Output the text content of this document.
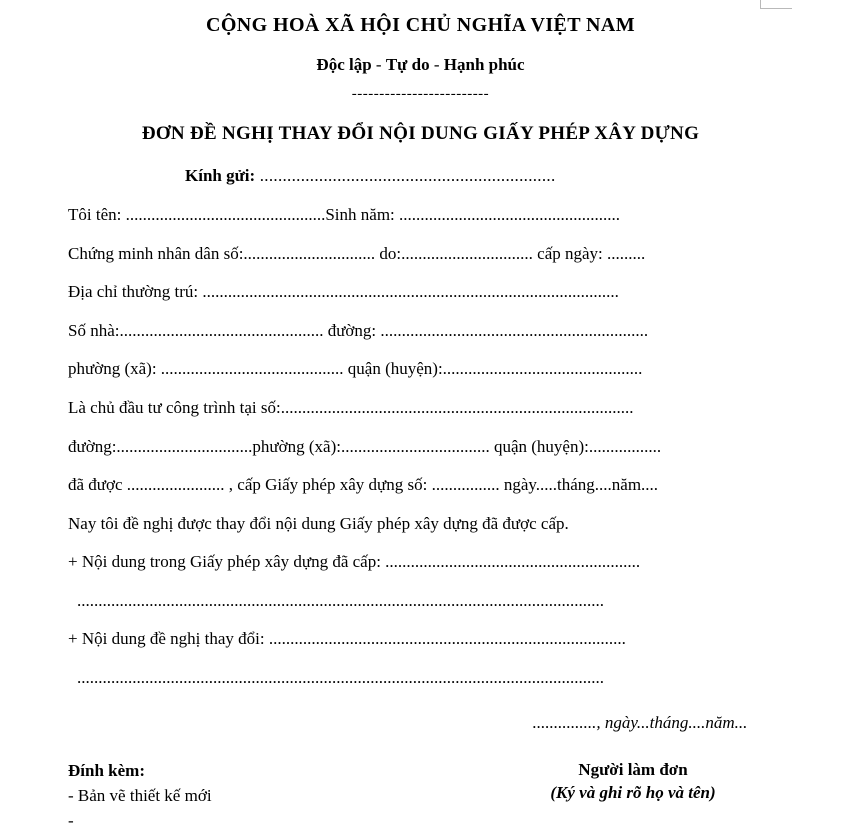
CỘNG HOÀ XÃ HỘI CHỦ NGHĨA VIỆT NAM
Độc lập - Tự do - Hạnh phúc
-------------------------
ĐƠN ĐỀ NGHỊ THAY ĐỔI NỘI DUNG GIẤY PHÉP XÂY DỰNG
Kính gửi: .................................................................
Tôi tên: ...............................................Sinh năm: ....................................................
Chứng minh nhân dân số:............................... do:............................... cấp ngày: .........
Địa chỉ thường trú: ..................................................................................................
Số nhà:................................................ đường: ...............................................................
phường (xã): ........................................... quận (huyện):...............................................
Là chủ đầu tư công trình tại số:...................................................................................
đường:................................phường (xã):................................... quận (huyện):.................
đã được ....................... , cấp Giấy phép xây dựng số: ................ ngày.....tháng....năm....
Nay tôi đề nghị được thay đổi nội dung Giấy phép xây dựng đã được cấp.
+ Nội dung trong Giấy phép xây dựng đã cấp: ............................................................
............................................................................................................................
+ Nội dung đề nghị thay đổi: ....................................................................................
............................................................................................................................
..............., ngày...tháng....năm...
Đính kèm:
- Bản vẽ thiết kế mới
-
Người làm đơn
(Ký và ghi rõ họ và tên)
